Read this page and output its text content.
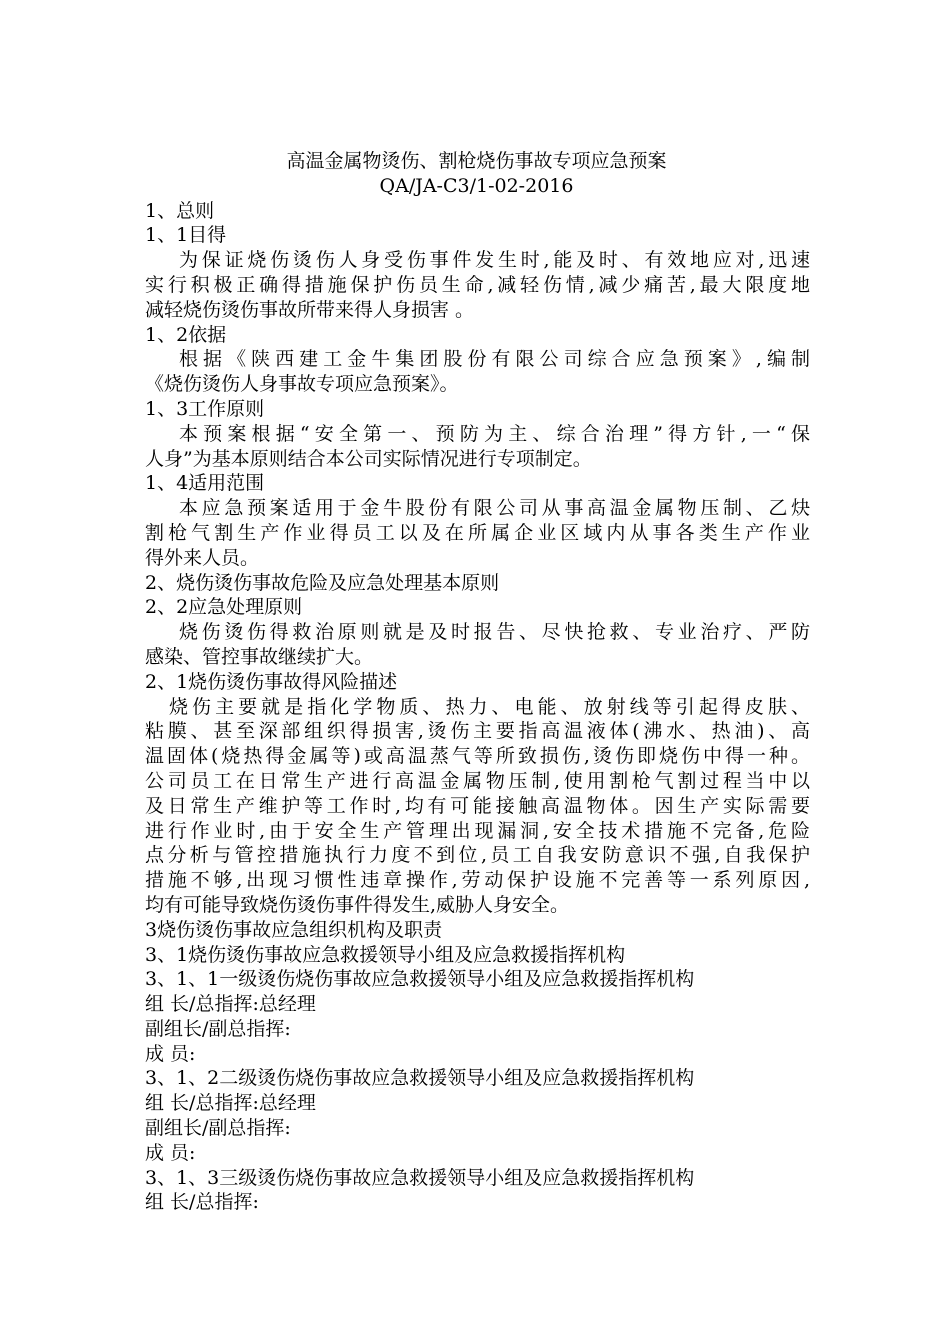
高温金属物烫伤、割枪烧伤事故专项应急预案
QA/JA-C3/1-02-2016
1、总则
1、1目得
为保证烧伤烫伤人身受伤事件发生时,能及时、有效地应对,迅速
实行积极正确得措施保护伤员生命,减轻伤情,减少痛苦,最大限度地
减轻烧伤烫伤事故所带来得人身损害 。
1、2依据
根据《陕西建工金牛集团股份有限公司综合应急预案》,编制
《烧伤烫伤人身事故专项应急预案》。
1、3工作原则
本预案根据“安全第一、预防为主、综合治理”得方针,一“保
人身”为基本原则结合本公司实际情况进行专项制定。
1、4适用范围
本应急预案适用于金牛股份有限公司从事高温金属物压制、乙炔
割枪气割生产作业得员工以及在所属企业区域内从事各类生产作业
得外来人员。
2、烧伤烫伤事故危险及应急处理基本原则
2、2应急处理原则
烧伤烫伤得救治原则就是及时报告、尽快抢救、专业治疗、严防
感染、管控事故继续扩大。
2、1烧伤烫伤事故得风险描述
烧伤主要就是指化学物质、热力、电能、放射线等引起得皮肤、
粘膜、甚至深部组织得损害,烫伤主要指高温液体(沸水、热油)、高
温固体(烧热得金属等)或高温蒸气等所致损伤,烫伤即烧伤中得一种。
公司员工在日常生产进行高温金属物压制,使用割枪气割过程当中以
及日常生产维护等工作时,均有可能接触高温物体。因生产实际需要
进行作业时,由于安全生产管理出现漏洞,安全技术措施不完备,危险
点分析与管控措施执行力度不到位,员工自我安防意识不强,自我保护
措施不够,出现习惯性违章操作,劳动保护设施不完善等一系列原因,
均有可能导致烧伤烫伤事件得发生,威胁人身安全。
3烧伤烫伤事故应急组织机构及职责
3、1烧伤烫伤事故应急救援领导小组及应急救援指挥机构
3、1、1一级烫伤烧伤事故应急救援领导小组及应急救援指挥机构
组 长/总指挥:总经理
副组长/副总指挥:
成 员:
3、1、2二级烫伤烧伤事故应急救援领导小组及应急救援指挥机构
组 长/总指挥:总经理
副组长/副总指挥:
成 员:
3、1、3三级烫伤烧伤事故应急救援领导小组及应急救援指挥机构
组 长/总指挥:
